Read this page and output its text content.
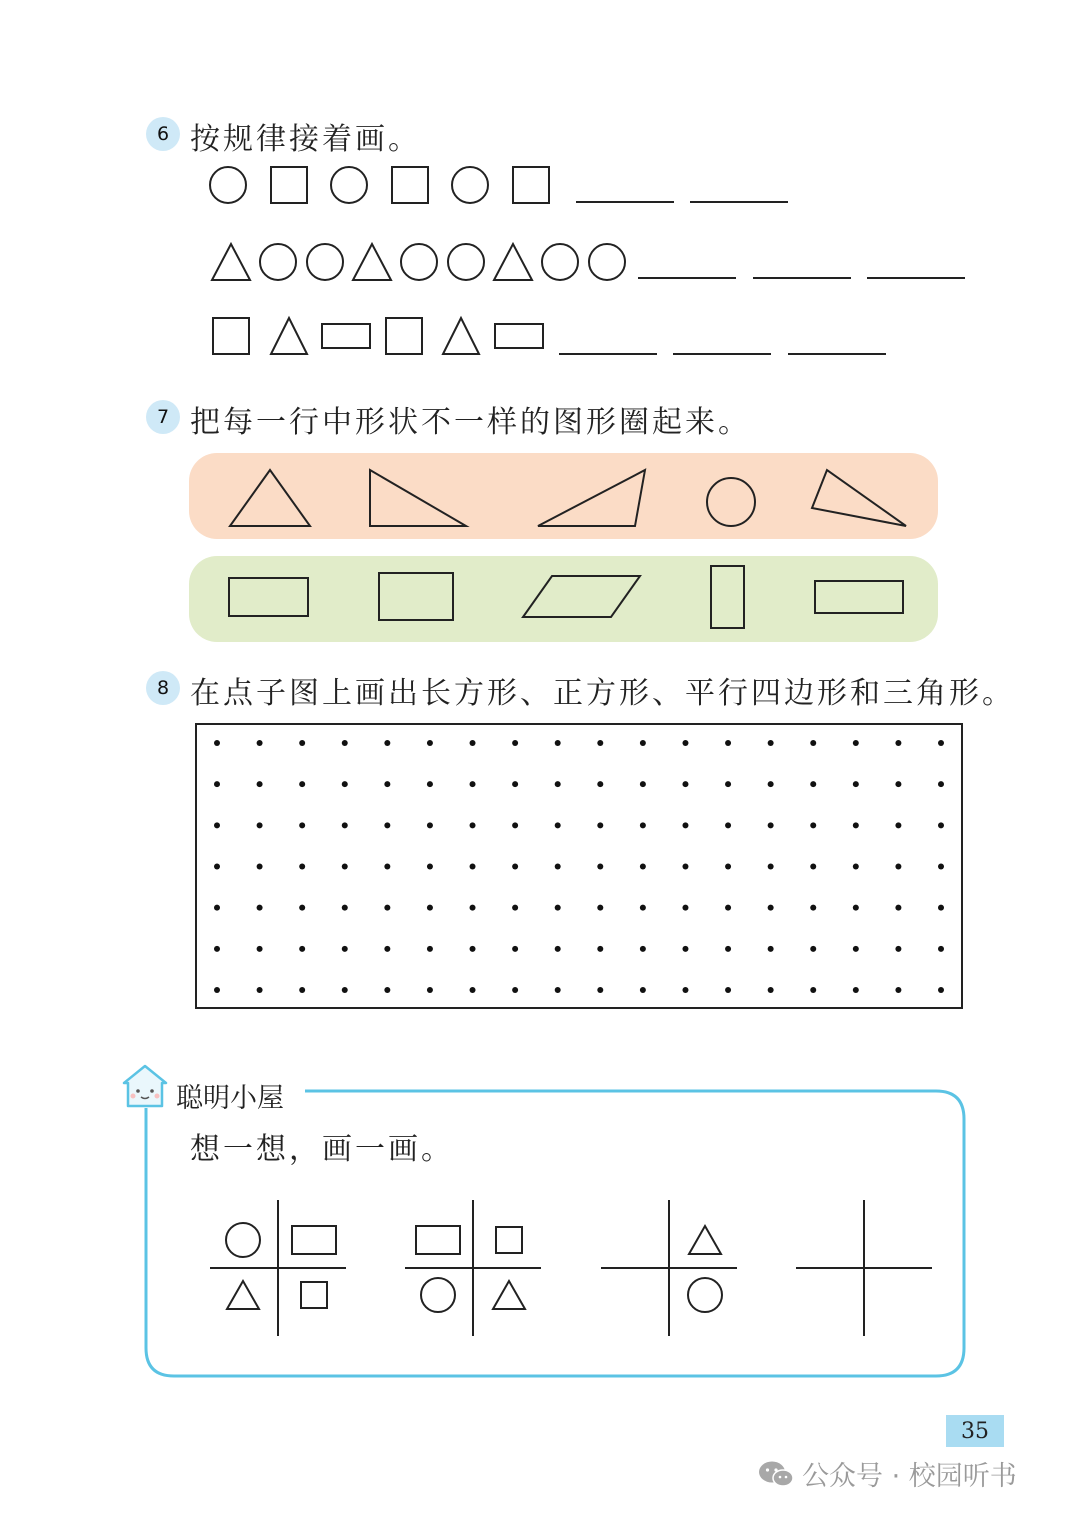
6 按规律接着画。
7 把每一行中形状不一样的图形圈起来。
8 在点子图上画出长方形、正方形、平行四边形和三角形。
聪明小屋
想一想，画一画。
35
公众号 · 校园听书
